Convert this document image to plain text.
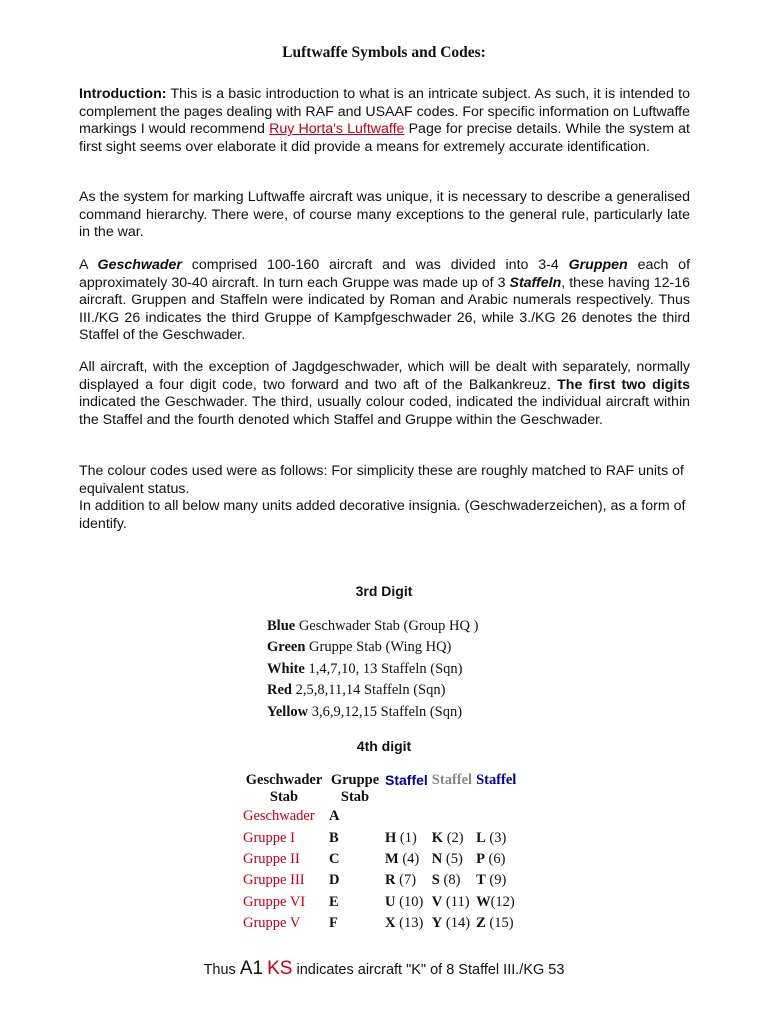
Luftwaffe Symbols and Codes:

Introduction: This is a basic introduction to what is an intricate subject. As such, it is intended to complement the pages dealing with RAF and USAAF codes. For specific information on Luftwaffe markings I would recommend Ruy Horta's Luftwaffe Page for precise details. While the system at first sight seems over elaborate it did provide a means for extremely accurate identification.

As the system for marking Luftwaffe aircraft was unique, it is necessary to describe a generalised command hierarchy. There were, of course many exceptions to the general rule, particularly late in the war.

A Geschwader comprised 100-160 aircraft and was divided into 3-4 Gruppen each of approximately 30-40 aircraft. In turn each Gruppe was made up of 3 Staffeln, these having 12-16 aircraft. Gruppen and Staffeln were indicated by Roman and Arabic numerals respectively. Thus III./KG 26 indicates the third Gruppe of Kampfgeschwader 26, while 3./KG 26 denotes the third Staffel of the Geschwader.

All aircraft, with the exception of Jagdgeschwader, which will be dealt with separately, normally displayed a four digit code, two forward and two aft of the Balkankreuz. The first two digits indicated the Geschwader. The third, usually colour coded, indicated the individual aircraft within the Staffel and the fourth denoted which Staffel and Gruppe within the Geschwader.

The colour codes used were as follows: For simplicity these are roughly matched to RAF units of equivalent status.
In addition to all below many units added decorative insignia. (Geschwaderzeichen), as a form of identify.

3rd Digit
Blue Geschwader Stab (Group HQ )
Green Gruppe Stab (Wing HQ)
White 1,4,7,10, 13 Staffeln (Sqn)
Red 2,5,8,11,14 Staffeln (Sqn)
Yellow 3,6,9,12,15 Staffeln (Sqn)
4th digit
Geschwader
Stab	Gruppe
Stab	Staffel	Staffel	Staffel
Geschwader	A			
Gruppe I	B	H (1)	K (2)	L (3)
Gruppe II	C	M (4)	N (5)	P (6)
Gruppe III	D	R (7)	S (8)	T (9)
Gruppe VI	E	U (10)	V (11)	W(12)
Gruppe V	F	X (13)	Y (14)	Z (15)
Thus A1 KS indicates aircraft "K" of 8 Staffel III./KG 53
